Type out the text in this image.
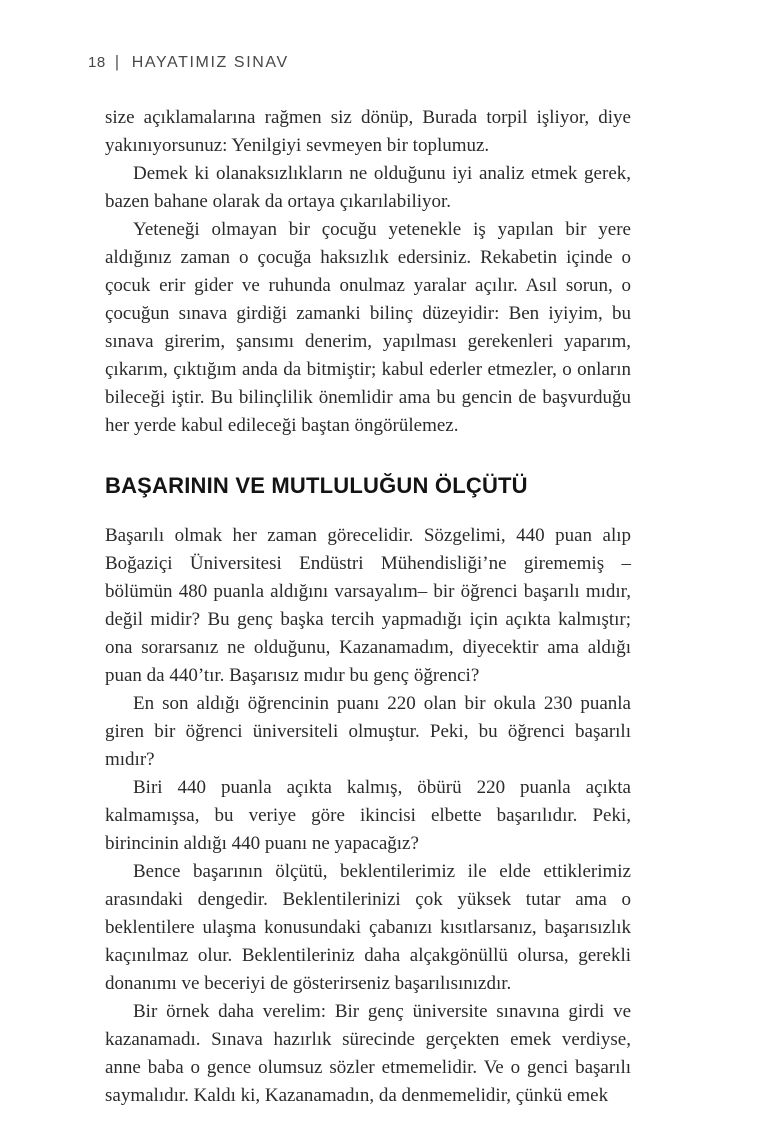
18 | HAYATIMIZ SINAV

size açıklamalarına rağmen siz dönüp, Burada torpil işliyor, diye yakınıyorsunuz: Yenilgiyi sevmeyen bir toplumuz.

Demek ki olanaksızlıkların ne olduğunu iyi analiz etmek gerek, bazen bahane olarak da ortaya çıkarılabiliyor.

Yeteneği olmayan bir çocuğu yetenekle iş yapılan bir yere aldığınız zaman o çocuğa haksızlık edersiniz. Rekabetin içinde o çocuk erir gider ve ruhunda onulmaz yaralar açılır. Asıl sorun, o çocuğun sınava girdiği zamanki bilinç düzeyidir: Ben iyiyim, bu sınava girerim, şansımı denerim, yapılması gerekenleri yaparım, çıkarım, çıktığım anda da bitmiştir; kabul ederler etmezler, o onların bileceği iştir. Bu bilinçlilik önemlidir ama bu gencin de başvurduğu her yerde kabul edileceği baştan öngörülemez.

BAŞARININ VE MUTLULUĞUN ÖLÇÜTÜ

Başarılı olmak her zaman görecelidir. Sözgelimi, 440 puan alıp Boğaziçi Üniversitesi Endüstri Mühendisliği’ne girememiş –bölümün 480 puanla aldığını varsayalım– bir öğrenci başarılı mıdır, değil midir? Bu genç başka tercih yapmadığı için açıkta kalmıştır; ona sorarsanız ne olduğunu, Kazanamadım, diyecektir ama aldığı puan da 440’tır. Başarısız mıdır bu genç öğrenci?

En son aldığı öğrencinin puanı 220 olan bir okula 230 puanla giren bir öğrenci üniversiteli olmuştur. Peki, bu öğrenci başarılı mıdır?

Biri 440 puanla açıkta kalmış, öbürü 220 puanla açıkta kalmamışsa, bu veriye göre ikincisi elbette başarılıdır. Peki, birincinin aldığı 440 puanı ne yapacağız?

Bence başarının ölçütü, beklentilerimiz ile elde ettiklerimiz arasındaki dengedir. Beklentilerinizi çok yüksek tutar ama o beklentilere ulaşma konusundaki çabanızı kısıtlarsanız, başarısızlık kaçınılmaz olur. Beklentileriniz daha alçakgönüllü olursa, gerekli donanımı ve beceriyi de gösterirseniz başarılısınızdır.

Bir örnek daha verelim: Bir genç üniversite sınavına girdi ve kazanamadı. Sınava hazırlık sürecinde gerçekten emek verdiyse, anne baba o gence olumsuz sözler etmemelidir. Ve o genci başarılı saymalıdır. Kaldı ki, Kazanamadın, da denmemelidir, çünkü emek
